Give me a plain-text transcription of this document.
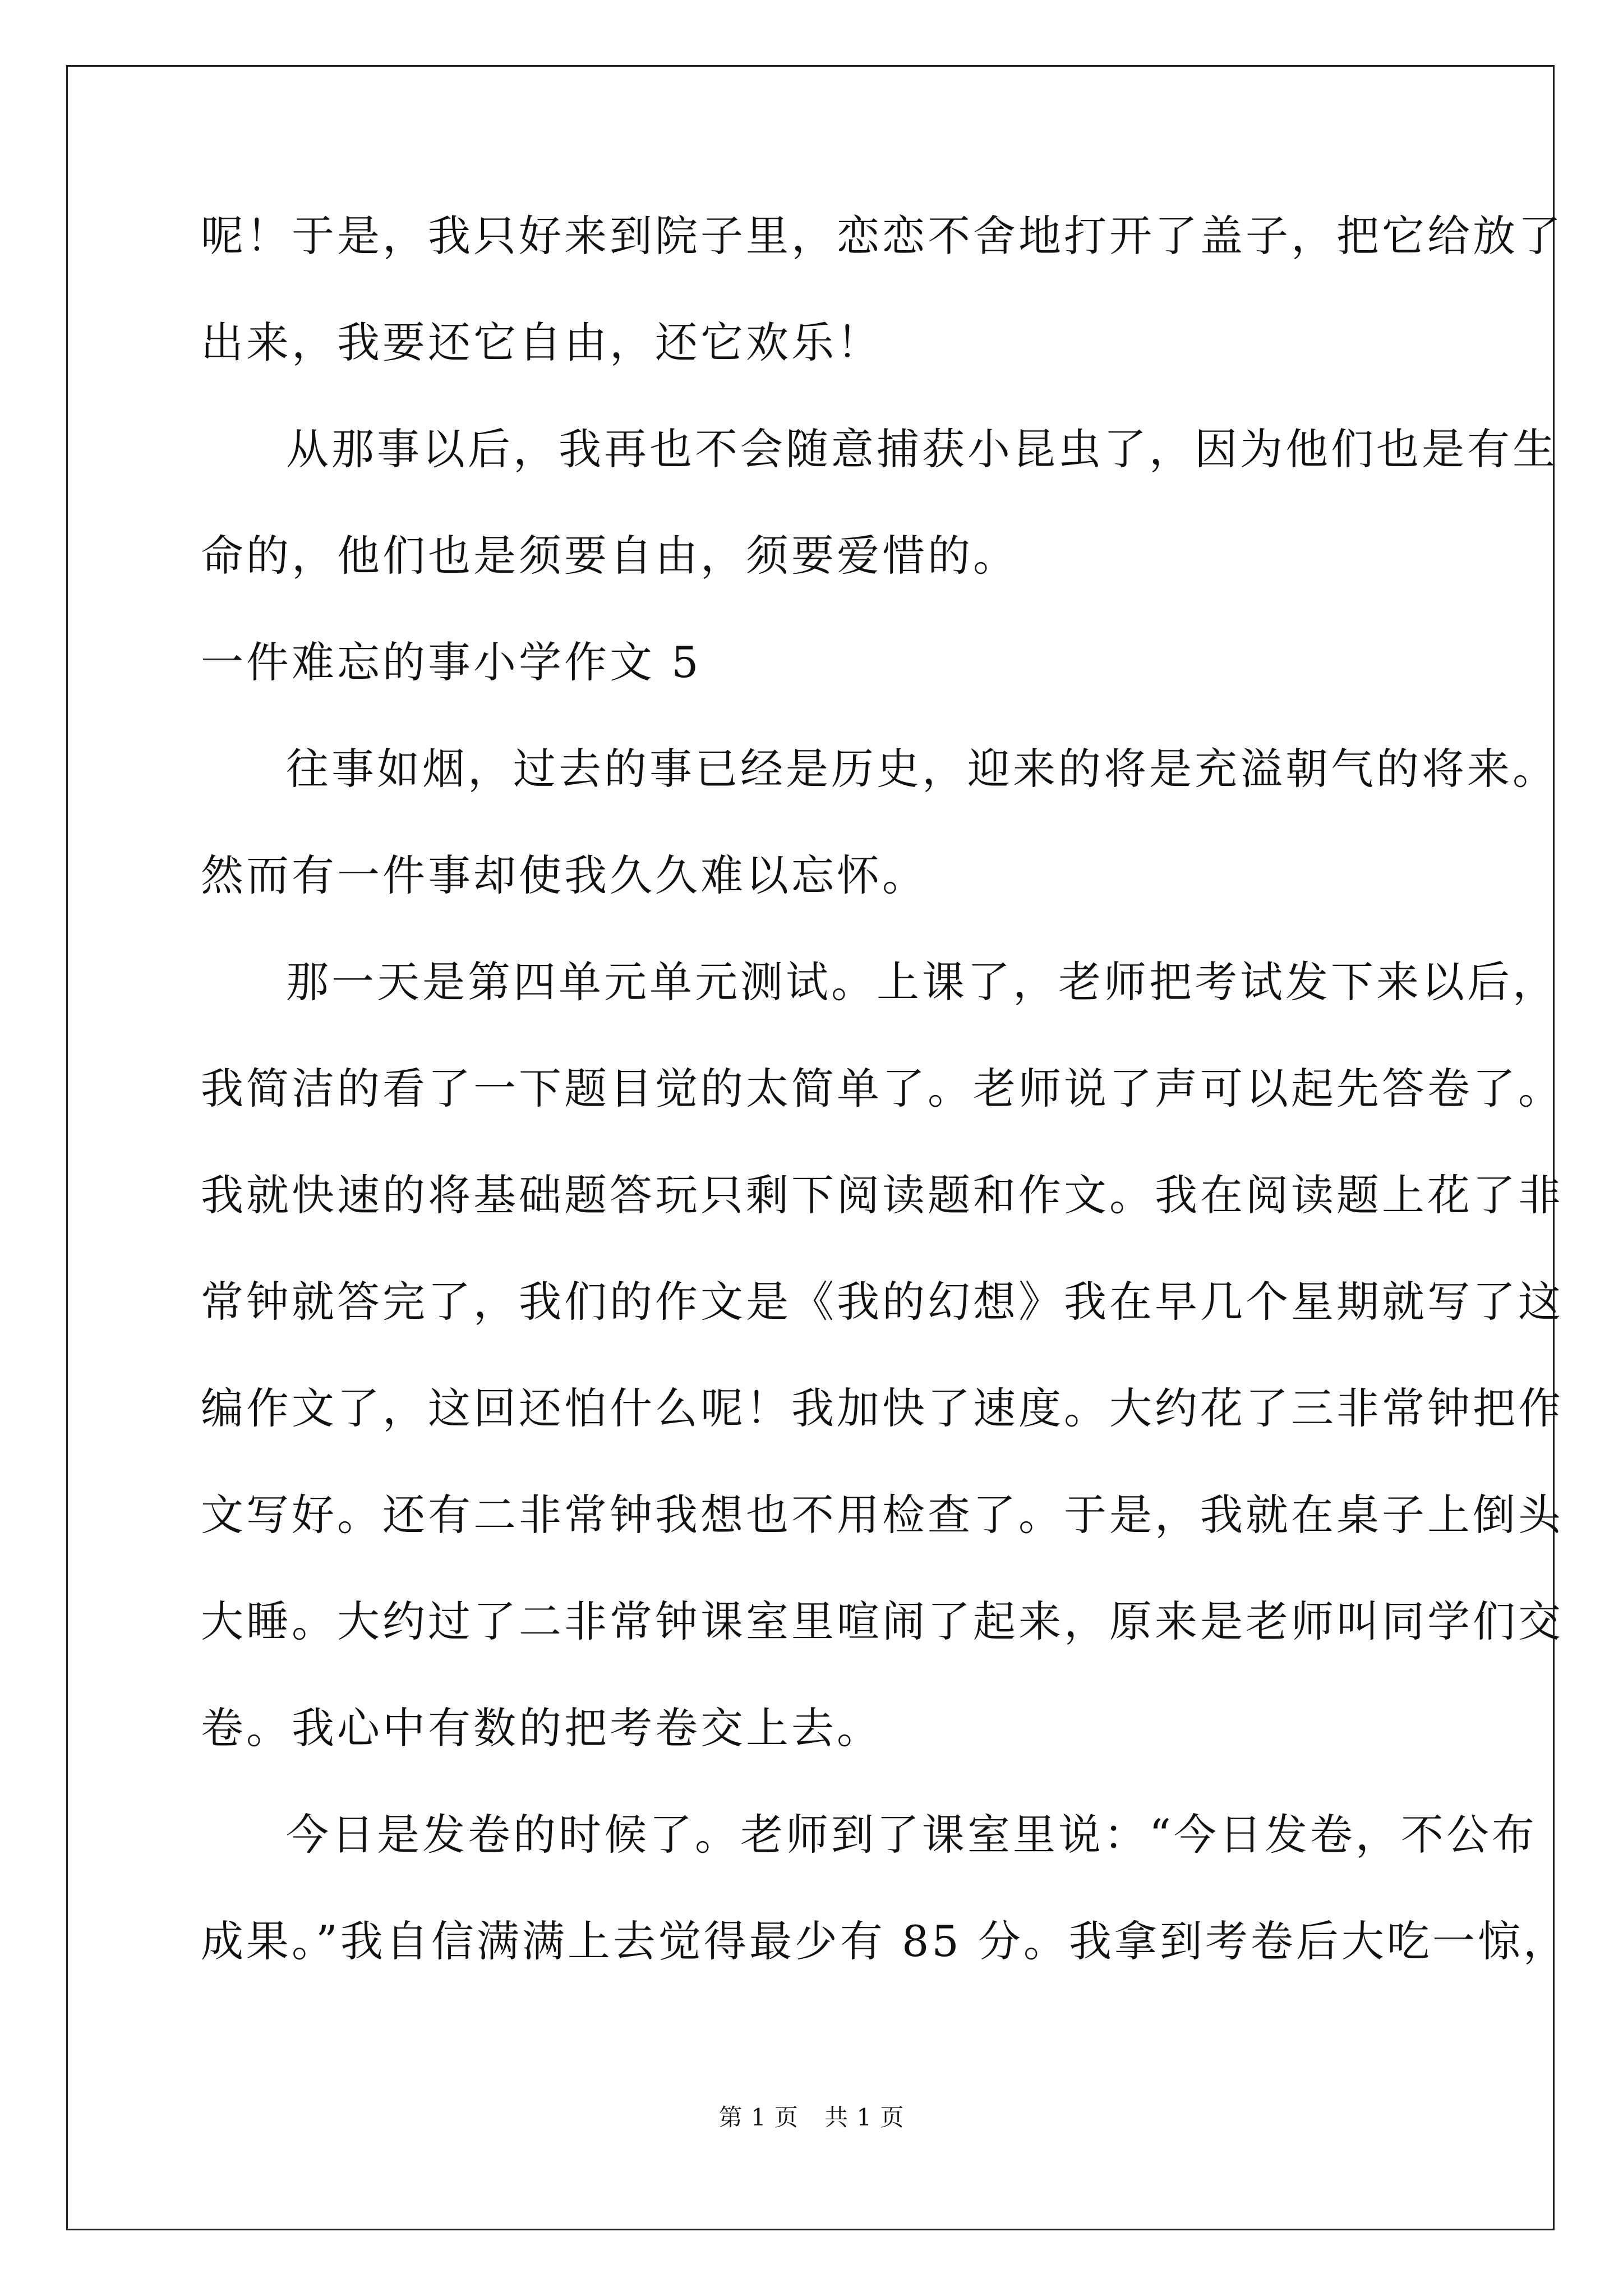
呢！于是，我只好来到院子里，恋恋不舍地打开了盖子，把它给放了
出来，我要还它自由，还它欢乐！
从那事以后，我再也不会随意捕获小昆虫了，因为他们也是有生
命的，他们也是须要自由，须要爱惜的。
一件难忘的事小学作文 5
往事如烟，过去的事已经是历史，迎来的将是充溢朝气的将来。
然而有一件事却使我久久难以忘怀。
那一天是第四单元单元测试。上课了，老师把考试发下来以后，
我简洁的看了一下题目觉的太简单了。老师说了声可以起先答卷了。
我就快速的将基础题答玩只剩下阅读题和作文。我在阅读题上花了非
常钟就答完了，我们的作文是《我的幻想》我在早几个星期就写了这
编作文了，这回还怕什么呢！我加快了速度。大约花了三非常钟把作
文写好。还有二非常钟我想也不用检查了。于是，我就在桌子上倒头
大睡。大约过了二非常钟课室里喧闹了起来，原来是老师叫同学们交
卷。我心中有数的把考卷交上去。
今日是发卷的时候了。老师到了课室里说：“今日发卷，不公布
成果。”我自信满满上去觉得最少有 85 分。我拿到考卷后大吃一惊，
第 1 页 共 1 页
